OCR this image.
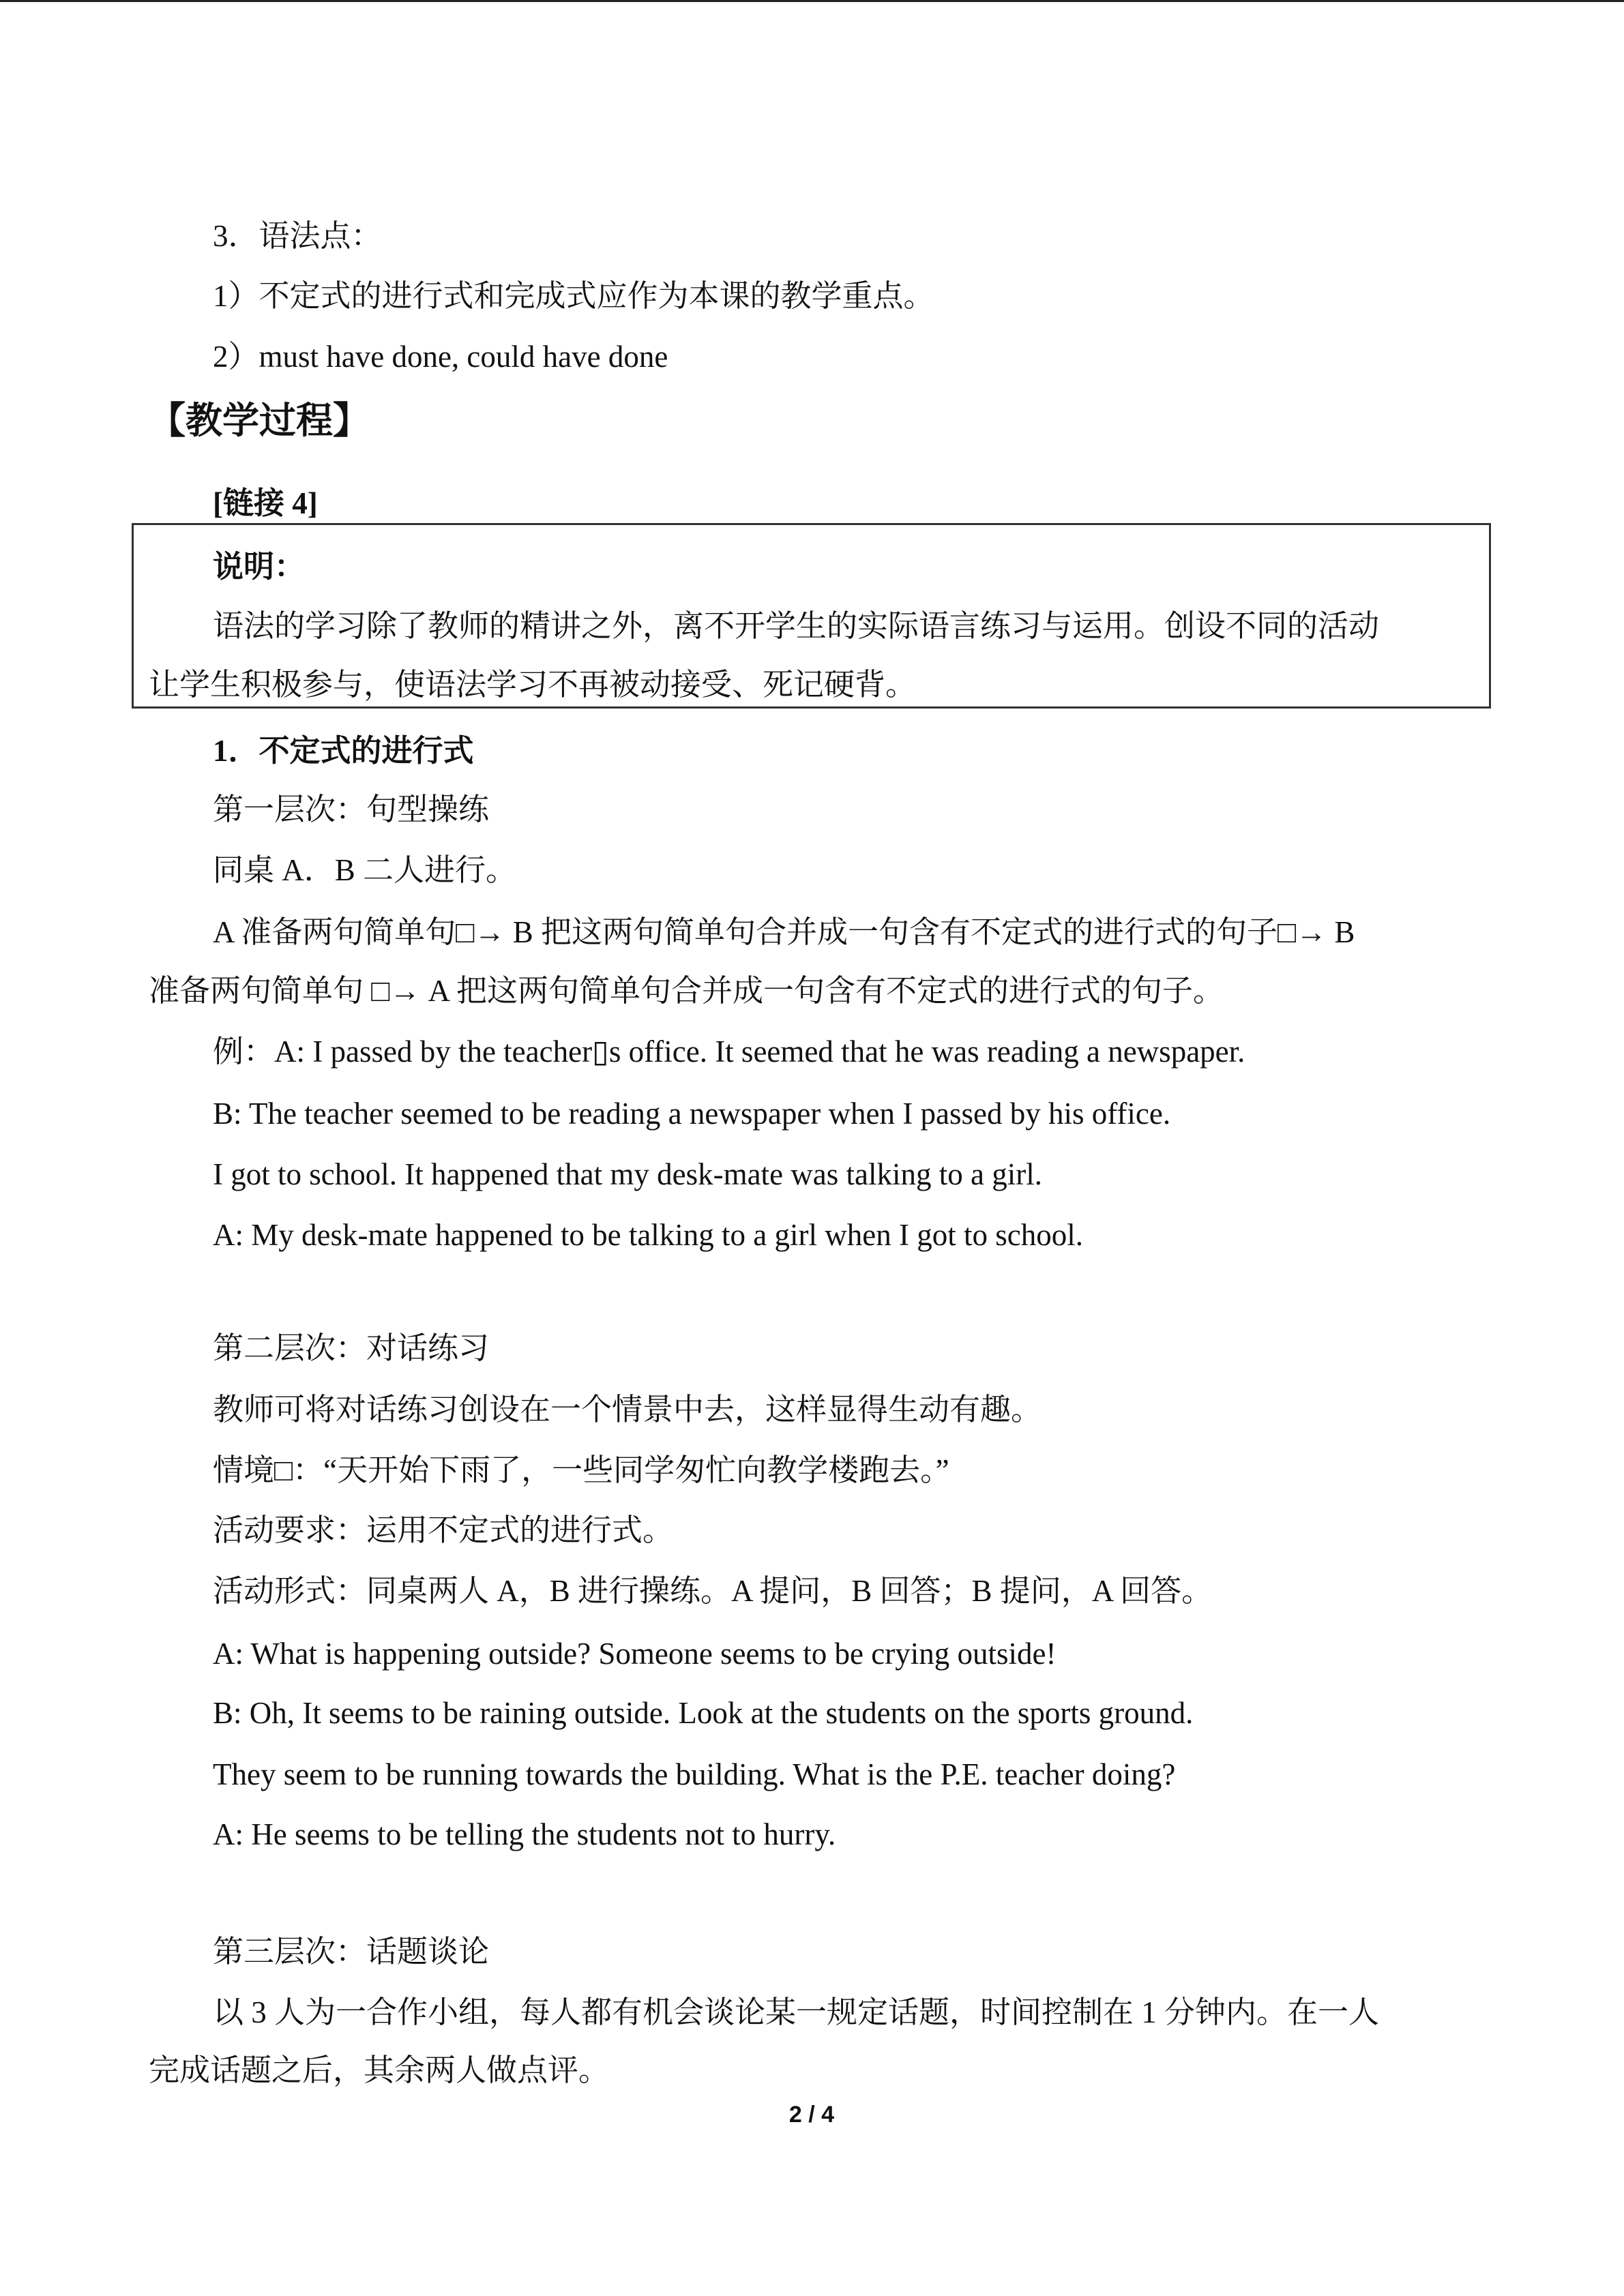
3．语法点：
1）不定式的进行式和完成式应作为本课的教学重点。
2）must have done, could have done
【教学过程】
[链接 4]
说明：
语法的学习除了教师的精讲之外，离不开学生的实际语言练习与运用。创设不同的活动
让学生积极参与，使语法学习不再被动接受、死记硬背。
1．不定式的进行式
第一层次：句型操练
同桌 A．B 二人进行。
A 准备两句简单句□→ B 把这两句简单句合并成一句含有不定式的进行式的句子□→ B
准备两句简单句 □→ A 把这两句简单句合并成一句含有不定式的进行式的句子。
例：A: I passed by the teacher▯s office. It seemed that he was reading a newspaper.
B: The teacher seemed to be reading a newspaper when I passed by his office.
I got to school. It happened that my desk-mate was talking to a girl.
A: My desk-mate happened to be talking to a girl when I got to school.
第二层次：对话练习
教师可将对话练习创设在一个情景中去，这样显得生动有趣。
情境□：“天开始下雨了，一些同学匆忙向教学楼跑去。”
活动要求：运用不定式的进行式。
活动形式：同桌两人 A，B 进行操练。A 提问，B 回答；B 提问，A 回答。
A: What is happening outside? Someone seems to be crying outside!
B: Oh, It seems to be raining outside. Look at the students on the sports ground.
They seem to be running towards the building. What is the P.E. teacher doing?
A: He seems to be telling the students not to hurry.
第三层次：话题谈论
以 3 人为一合作小组，每人都有机会谈论某一规定话题，时间控制在 1 分钟内。在一人
完成话题之后，其余两人做点评。
2 / 4
